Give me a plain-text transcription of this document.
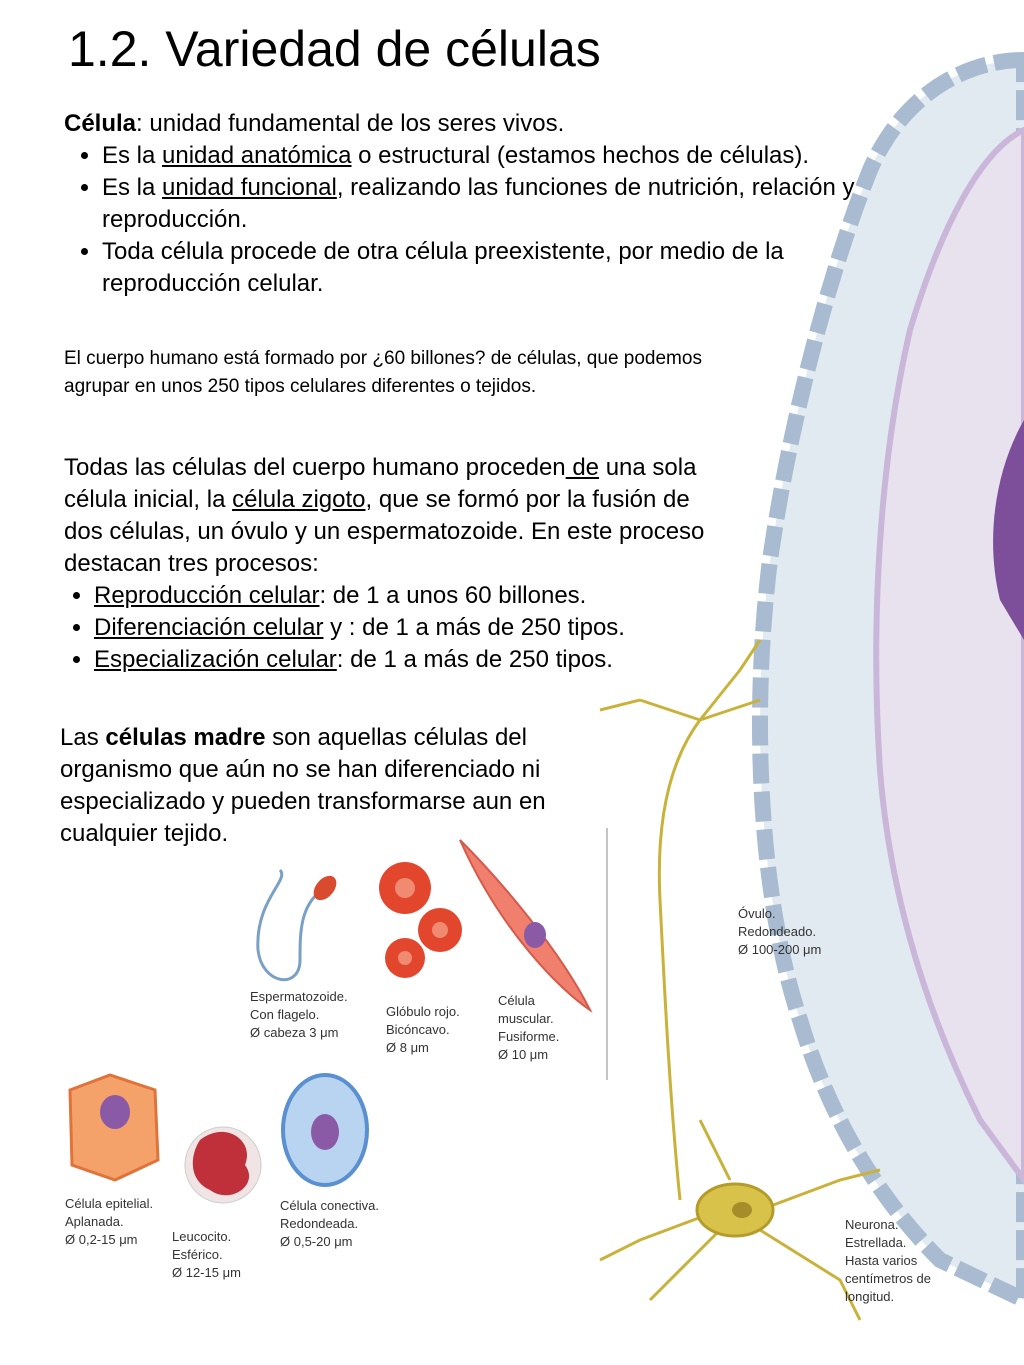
1.2. Variedad de células
Célula: unidad fundamental de los seres vivos.
• Es la unidad anatómica o estructural (estamos hechos de células).
• Es la unidad funcional, realizando las funciones de nutrición, relación y reproducción.
• Toda célula procede de otra célula preexistente, por medio de la reproducción celular.

El cuerpo humano está formado por ¿60 billones? de células, que podemos agrupar en unos 250 tipos celulares diferentes o tejidos.

Todas las células del cuerpo humano proceden de una sola célula inicial, la célula zigoto, que se formó por la fusión de dos células, un óvulo y un espermatozoide. En este proceso destacan tres procesos:
• Reproducción celular: de 1 a unos 60 billones.
• Diferenciación celular y : de 1 a más de 250 tipos.
• Especialización celular: de 1 a más de 250 tipos.
Las células madre son aquellas células del organismo que aún no se han diferenciado ni especializado y pueden transformarse aun en cualquier tejido.
Óvulo.
Redondeado.
Ø 100-200 μm
Espermatozoide.
Con flagelo.
Ø cabeza 3 μm
Glóbulo rojo.
Bicóncavo.
Ø 8 μm
Célula
muscular.
Fusiforme.
Ø 10 μm
Célula epitelial.
Aplanada.
Ø 0,2-15 μm	Leucocito.
Esférico.
Ø 12-15 μm
Célula conectiva.
Redondeada.
Ø 0,5-20 μm
Neurona.
Estrellada.
Hasta varios
centímetros de
longitud.
